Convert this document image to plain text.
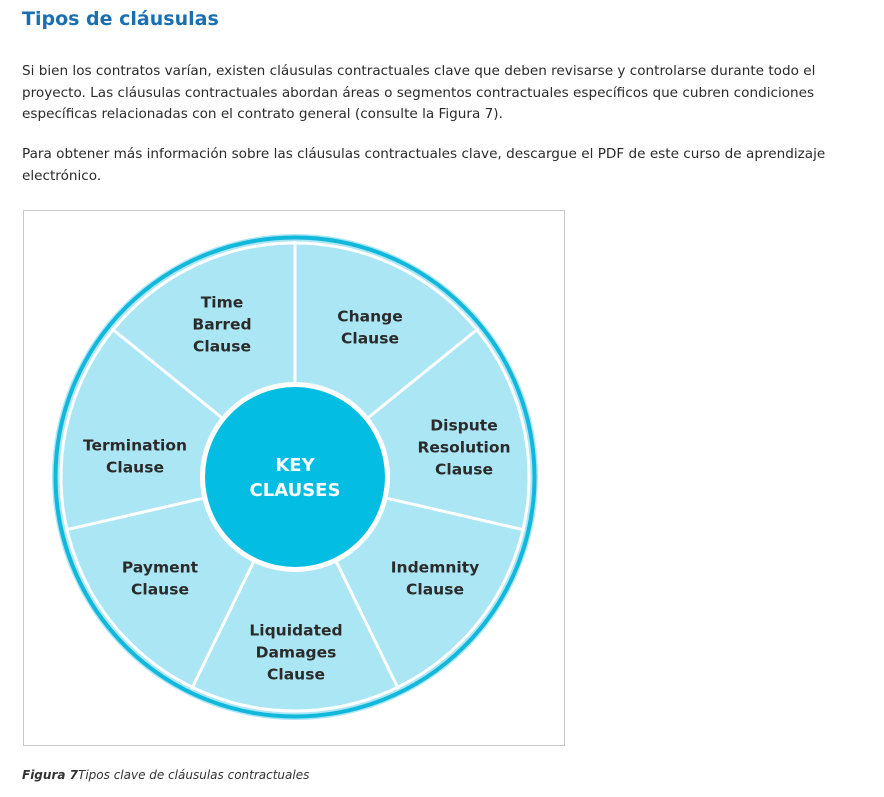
Tipos de cláusulas

Si bien los contratos varían, existen cláusulas contractuales clave que deben revisarse y controlarse durante todo el proyecto. Las cláusulas contractuales abordan áreas o segmentos contractuales específicos que cubren condiciones específicas relacionadas con el contrato general (consulte la Figura 7).

Para obtener más información sobre las cláusulas contractuales clave, descargue el PDF de este curso de aprendizaje electrónico.

Change Clause
Dispute Resolution Clause
Indemnity Clause
Liquidated Damages Clause
Payment Clause
Termination Clause
Time Barred Clause
KEY CLAUSES

Figura 7Tipos clave de cláusulas contractuales
